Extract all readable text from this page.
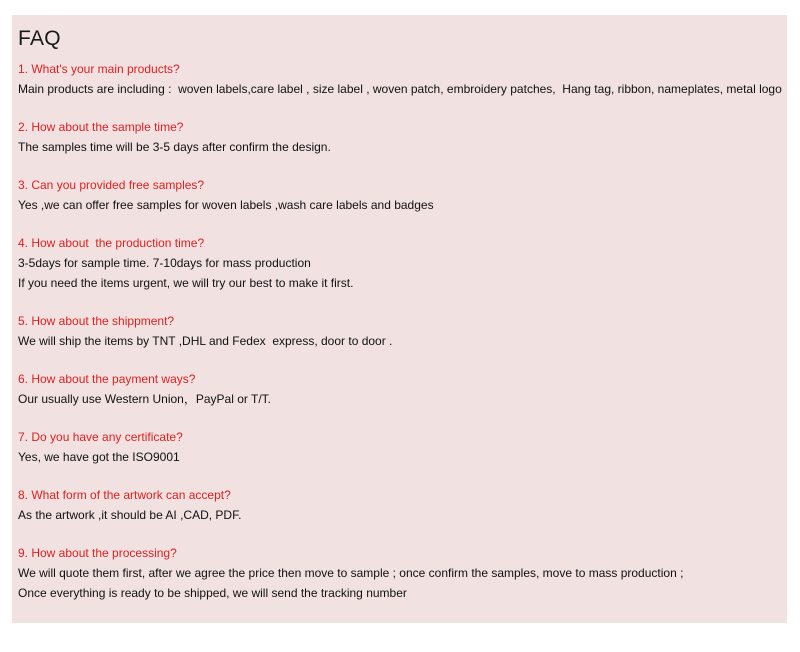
FAQ
1. What's your main products?
Main products are including :  woven labels,care label , size label , woven patch, embroidery patches,  Hang tag, ribbon, nameplates, metal logo
2. How about the sample time?
The samples time will be 3-5 days after confirm the design.
3. Can you provided free samples?
Yes ,we can offer free samples for woven labels ,wash care labels and badges
4. How about  the production time?
3-5days for sample time. 7-10days for mass production
If you need the items urgent, we will try our best to make it first.
5. How about the shippment?
We will ship the items by TNT ,DHL and Fedex  express, door to door .
6. How about the payment ways?
Our usually use Western Union，PayPal or T/T.
7. Do you have any certificate?
Yes, we have got the ISO9001
8. What form of the artwork can accept?
As the artwork ,it should be AI ,CAD, PDF.
9. How about the processing?
We will quote them first, after we agree the price then move to sample ; once confirm the samples, move to mass production ;
Once everything is ready to be shipped, we will send the tracking number
